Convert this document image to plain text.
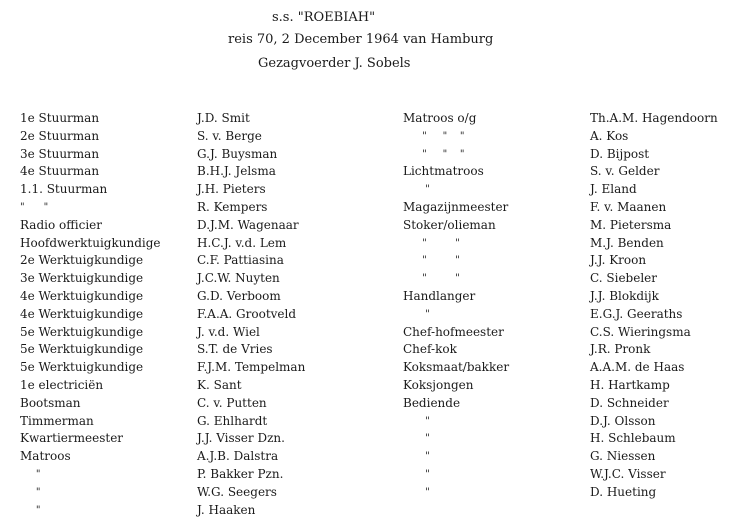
s.s. "ROEBIAH"
reis 70, 2 December 1964 van Hamburg
Gezagvoerder J. Sobels
1e Stuurman
2e Stuurman
3e Stuurman
4e Stuurman
1.1. Stuurman
"      "
Radio officier
Hoofdwerktuigkundige
2e Werktuigkundige
3e Werktuigkundige
4e Werktuigkundige
4e Werktuigkundige
5e Werktuigkundige
5e Werktuigkundige
5e Werktuigkundige
1e electriciën
Bootsman
Timmerman
Kwartiermeester
Matroos
"
"
"
J.D. Smit
S. v. Berge
G.J. Buysman
B.H.J. Jelsma
J.H. Pieters
R. Kempers
D.J.M. Wagenaar
H.C.J. v.d. Lem
C.F. Pattiasina
J.C.W. Nuyten
G.D. Verboom
F.A.A. Grootveld
J. v.d. Wiel
S.T. de Vries
F.J.M. Tempelman
K. Sant
C. v. Putten
G. Ehlhardt
J.J. Visser Dzn.
A.J.B. Dalstra
P. Bakker Pzn.
W.G. Seegers
J. Haaken
Matroos o/g
"     "    "
"     "    "
Lichtmatroos
"
Magazijnmeester
Stoker/olieman
"         "
"         "
"         "
Handlanger
"
Chef-hofmeester
Chef-kok
Koksmaat/bakker
Koksjongen
Bediende
"
"
"
"
"
Th.A.M. Hagendoorn
A. Kos
D. Bijpost
S. v. Gelder
J. Eland
F. v. Maanen
M. Pietersma
M.J. Benden
J.J. Kroon
C. Siebeler
J.J. Blokdijk
E.G.J. Geeraths
C.S. Wieringsma
J.R. Pronk
A.A.M. de Haas
H. Hartkamp
D. Schneider
D.J. Olsson
H. Schlebaum
G. Niessen
W.J.C. Visser
D. Hueting
